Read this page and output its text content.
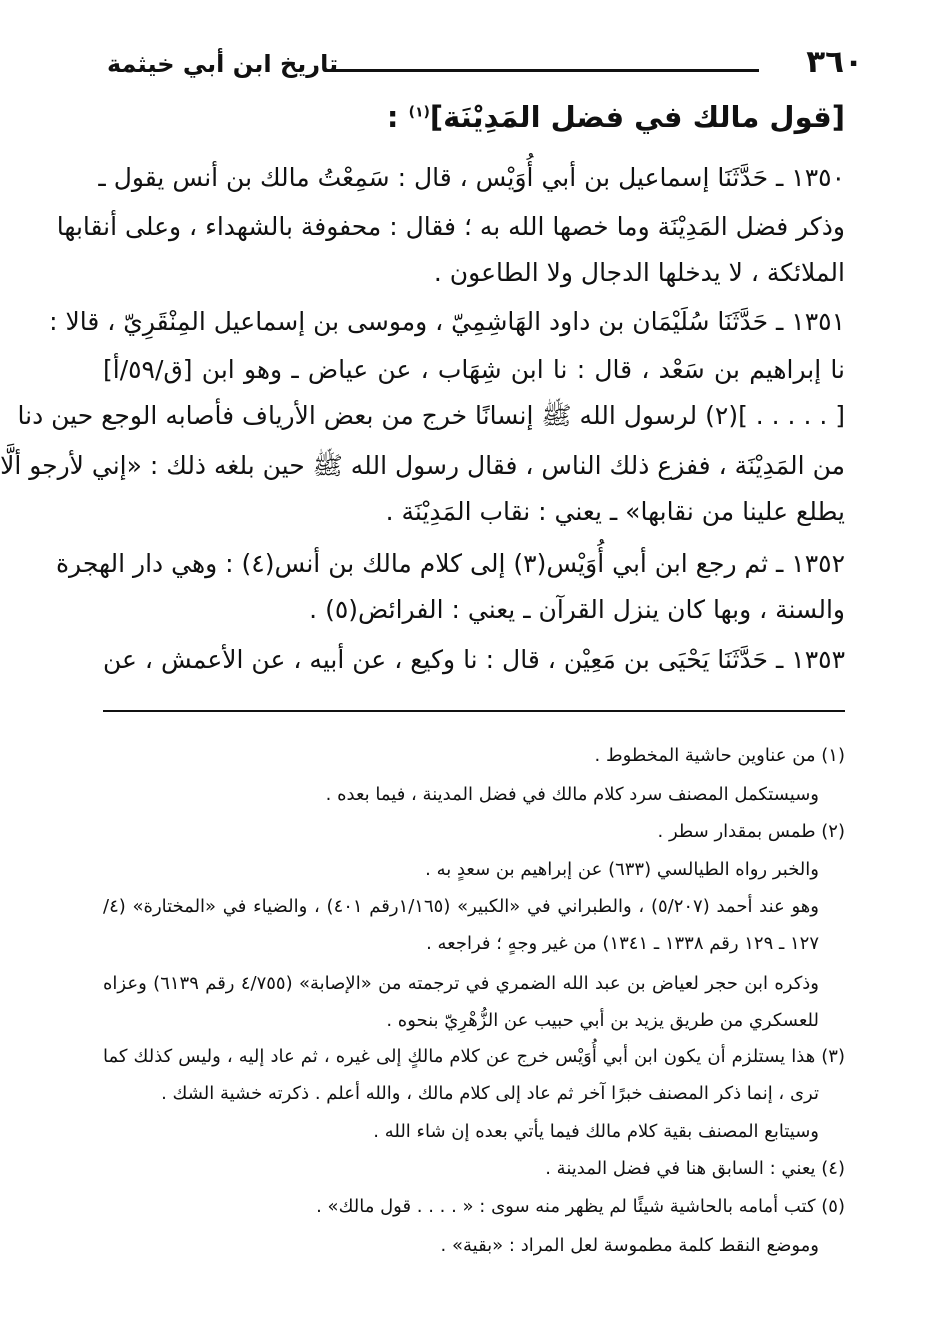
٣٦٠
تاريخ ابن أبي خيثمة
[قول مالك في فضل المَدِيْنَة]$^{(١)}$ :
١٣٥٠ ـ حَدَّثَنَا إسماعيل بن أبي أُوَيْس ، قال : سَمِعْتُ مالك بن أنس يقول ـ
وذكر فضل المَدِيْنَة وما خصها الله به ؛ فقال : محفوفة بالشهداء ، وعلى أنقابها
الملائكة ، لا يدخلها الدجال ولا الطاعون .
١٣٥١ ـ حَدَّثَنَا سُلَيْمَان بن داود الهَاشِمِيّ ، وموسى بن إسماعيل المِنْقَرِيّ ، قالا :
نا إبراهيم بن سَعْد ، قال : نا ابن شِهَاب ، عن عياض ـ وهو ابن [ق/٥٩/أ]
[ . . . . . ](٢) لرسول الله ﷺ إنسانًا خرج من بعض الأرياف فأصابه الوجع حين دنا
من المَدِيْنَة ، ففزع ذلك الناس ، فقال رسول الله ﷺ حين بلغه ذلك : «إني لأرجو ألَّا
يطلع علينا من نقابها» ـ يعني : نقاب المَدِيْنَة .
١٣٥٢ ـ ثم رجع ابن أبي أُوَيْس(٣) إلى كلام مالك بن أنس(٤) : وهي دار الهجرة
والسنة ، وبها كان ينزل القرآن ـ يعني : الفرائض(٥) .
١٣٥٣ ـ حَدَّثَنَا يَحْيَى بن مَعِيْن ، قال : نا وكيع ، عن أبيه ، عن الأعمش ، عن
(١) من عناوين حاشية المخطوط .
وسيستكمل المصنف سرد كلام مالك في فضل المدينة ، فيما بعده .
(٢) طمس بمقدار سطر .
والخبر رواه الطيالسي (٦٣٣) عن إبراهيم بن سعدٍ به .
وهو عند أحمد (٥/٢٠٧) ، والطبراني في «الكبير» (١/١٦٥رقم ٤٠١) ، والضياء في «المختارة» (٤/
١٢٧ ـ ١٢٩ رقم ١٣٣٨ ـ ١٣٤١) من غير وجهٍ ؛ فراجعه .
وذكره ابن حجر لعياض بن عبد الله الضمري في ترجمته من «الإصابة» (٤/٧٥٥ رقم ٦١٣٩) وعزاه
للعسكري من طريق يزيد بن أبي حبيب عن الزُّهْرِيّ بنحوه .
(٣) هذا يستلزم أن يكون ابن أبي أُوَيْس خرج عن كلام مالكٍ إلى غيره ، ثم عاد إليه ، وليس كذلك كما
ترى ، إنما ذكر المصنف خبرًا آخر ثم عاد إلى كلام مالك ، والله أعلم . ذكرته خشية الشك .
وسيتابع المصنف بقية كلام مالك فيما يأتي بعده إن شاء الله .
(٤) يعني : السابق هنا في فضل المدينة .
(٥) كتب أمامه بالحاشية شيئًا لم يظهر منه سوى : « . . . . قول مالك» .
وموضع النقط كلمة مطموسة لعل المراد : «بقية» .
